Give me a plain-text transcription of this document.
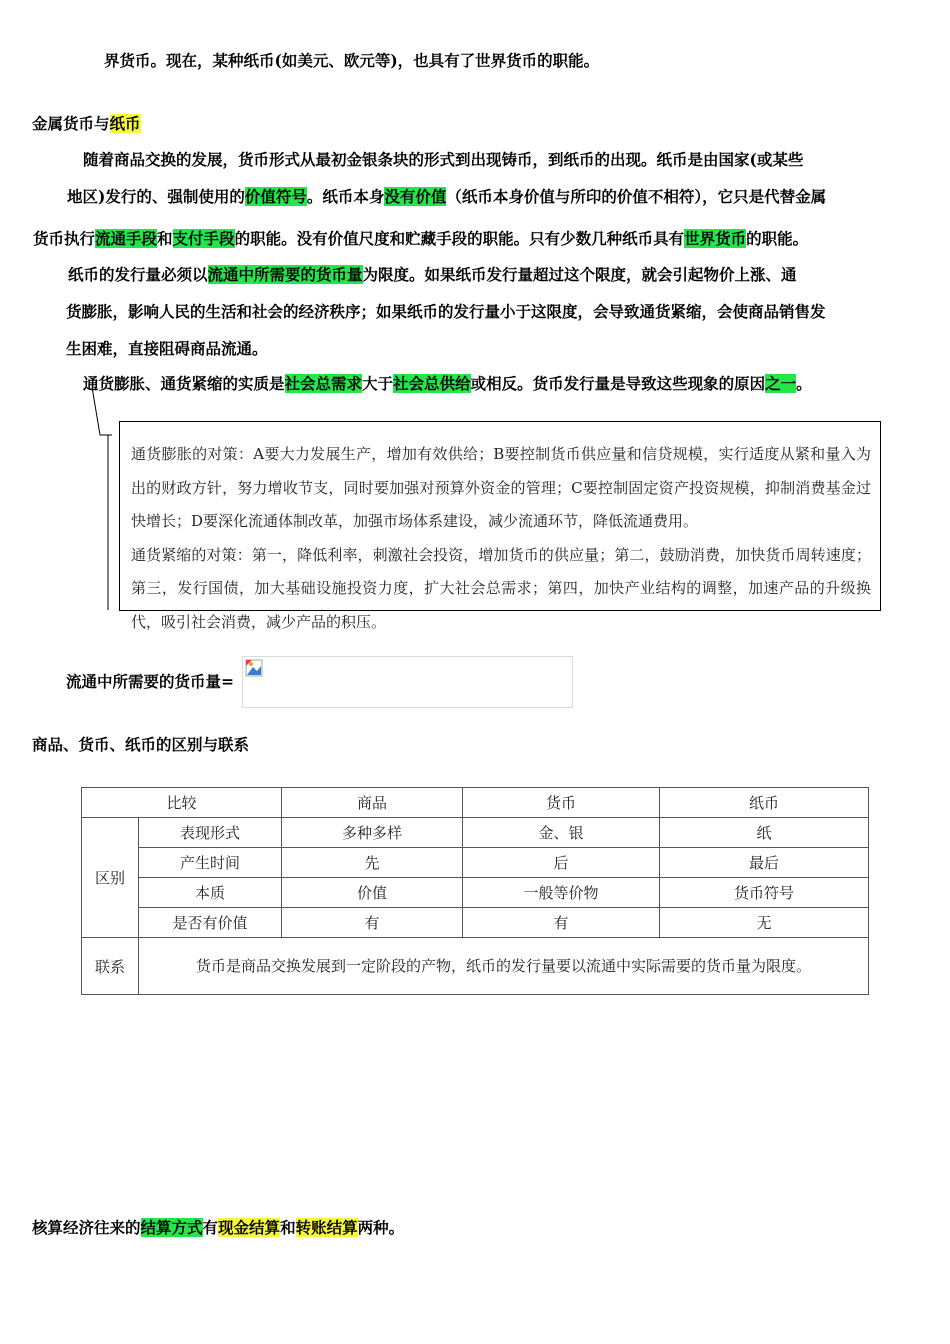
界货币。现在，某种纸币(如美元、欧元等)，也具有了世界货币的职能。
金属货币与纸币
随着商品交换的发展，货币形式从最初金银条块的形式到出现铸币，到纸币的出现。纸币是由国家(或某些
地区)发行的、强制使用的价值符号。纸币本身没有价值（纸币本身价值与所印的价值不相符），它只是代替金属
货币执行流通手段和支付手段的职能。没有价值尺度和贮藏手段的职能。只有少数几种纸币具有世界货币的职能。
纸币的发行量必须以流通中所需要的货币量为限度。如果纸币发行量超过这个限度，就会引起物价上涨、通
货膨胀，影响人民的生活和社会的经济秩序；如果纸币的发行量小于这限度，会导致通货紧缩，会使商品销售发
生困难，直接阻碍商品流通。
通货膨胀、通货紧缩的实质是社会总需求大于社会总供给或相反。货币发行量是导致这些现象的原因之一。

通货膨胀的对策：A要大力发展生产，增加有效供给；B要控制货币供应量和信贷规模，实行适度从紧和量入为出的财政方针，努力增收节支，同时要加强对预算外资金的管理；C要控制固定资产投资规模，抑制消费基金过快增长；D要深化流通体制改革，加强市场体系建设，减少流通环节，降低流通费用。

通货紧缩的对策：第一，降低利率，刺激社会投资，增加货币的供应量；第二，鼓励消费，加快货币周转速度；第三，发行国债，加大基础设施投资力度，扩大社会总需求；第四，加快产业结构的调整，加速产品的升级换代，吸引社会消费，减少产品的积压。

流通中所需要的货币量=
商品、货币、纸币的区别与联系
比较		商品	货币	纸币
区别	表现形式	多种多样	金、银	纸
	产生时间	先	后	最后
	本质	价值	一般等价物	货币符号
	是否有价值	有	有	无
联系	货币是商品交换发展到一定阶段的产物，纸币的发行量要以流通中实际需要的货币量为限度。			
核算经济往来的结算方式有现金结算和转账结算两种。
